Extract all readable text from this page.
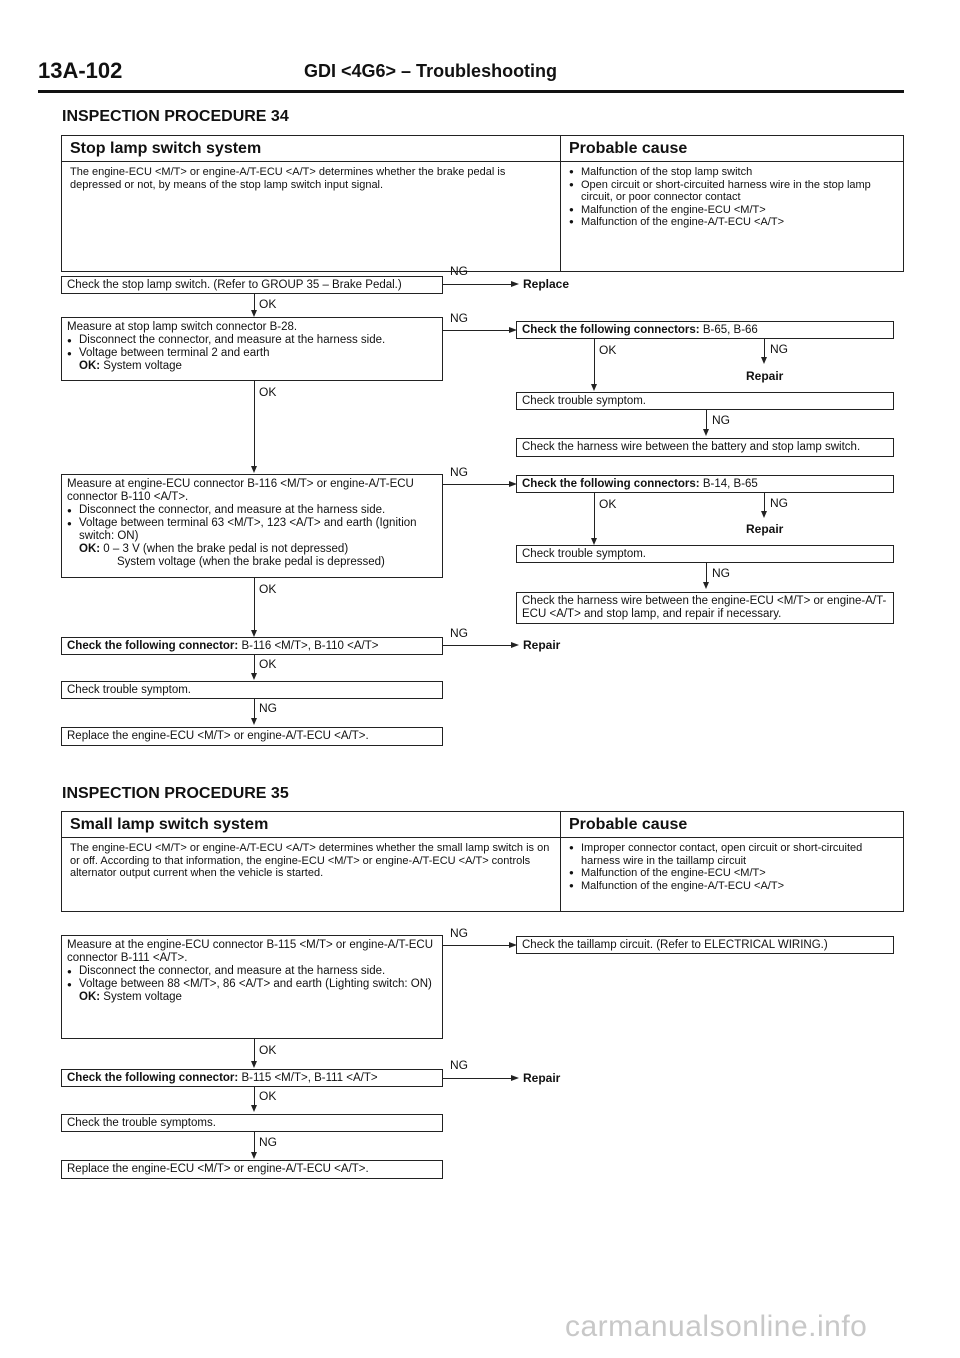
13A-102	GDI <4G6> – Troubleshooting
INSPECTION PROCEDURE 34
Stop lamp switch system
The engine-ECU <M/T> or engine-A/T-ECU <A/T> determines whether the brake pedal is depressed or not, by means of the stop lamp switch input signal.
Probable cause
● Malfunction of the stop lamp switch
● Open circuit or short-circuited harness wire in the stop lamp circuit, or poor connector contact
● Malfunction of the engine-ECU <M/T>
● Malfunction of the engine-A/T-ECU <A/T>
Check the stop lamp switch. (Refer to GROUP 35 – Brake Pedal.)
NG
Replace
OK
Measure at stop lamp switch connector B-28.
● Disconnect the connector, and measure at the harness side.
● Voltage between terminal 2 and earth
OK: System voltage
NG
Check the following connectors: B-65, B-66
OK	NG
Repair
Check trouble symptom.
NG
Check the harness wire between the battery and stop lamp switch.
OK
Measure at engine-ECU connector B-116 <M/T> or engine-A/T-ECU connector B-110 <A/T>.
● Disconnect the connector, and measure at the harness side.
● Voltage between terminal 63 <M/T>, 123 <A/T> and earth (Ignition switch: ON)
OK: 0 – 3 V (when the brake pedal is not depressed)
System voltage (when the brake pedal is depressed)
NG
Check the following connectors: B-14, B-65
OK	NG
Repair
Check trouble symptom.
NG
Check the harness wire between the engine-ECU <M/T> or engine-A/T-ECU <A/T> and stop lamp, and repair if necessary.
OK
Check the following connector: B-116 <M/T>, B-110 <A/T>
NG
Repair
OK
Check trouble symptom.
NG
Replace the engine-ECU <M/T> or engine-A/T-ECU <A/T>.
INSPECTION PROCEDURE 35
Small lamp switch system
The engine-ECU <M/T> or engine-A/T-ECU <A/T> determines whether the small lamp switch is on or off. According to that information, the engine-ECU <M/T> or engine-A/T-ECU <A/T> controls alternator output current when the vehicle is started.
Probable cause
● Improper connector contact, open circuit or short-circuited harness wire in the taillamp circuit
● Malfunction of the engine-ECU <M/T>
● Malfunction of the engine-A/T-ECU <A/T>
Measure at the engine-ECU connector B-115 <M/T> or engine-A/T-ECU connector B-111 <A/T>.
● Disconnect the connector, and measure at the harness side.
● Voltage between 88 <M/T>, 86 <A/T> and earth (Lighting switch: ON)
OK: System voltage
NG
Check the taillamp circuit. (Refer to ELECTRICAL WIRING.)
OK
Check the following connector: B-115 <M/T>, B-111 <A/T>
NG
Repair
OK
Check the trouble symptoms.
NG
Replace the engine-ECU <M/T> or engine-A/T-ECU <A/T>.
carmanualsonline.info
